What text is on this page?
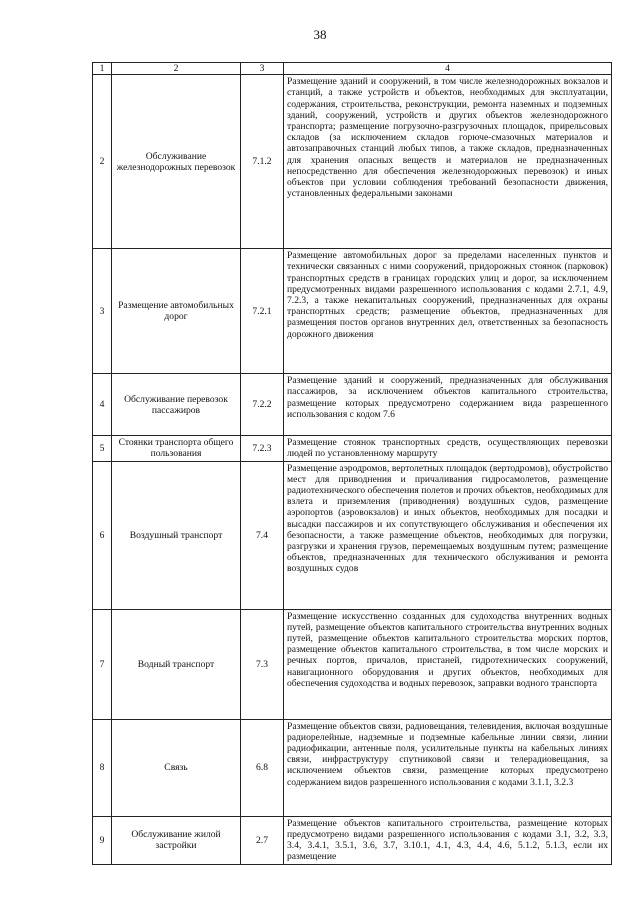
38
1	2	3	4
2	Обслуживание железнодорожных перевозок	7.1.2	Размещение зданий и сооружений, в том числе железнодорожных вокзалов и станций, а также устройств и объектов, необходимых для эксплуатации, содержания, строительства, реконструкции, ремонта наземных и подземных зданий, сооружений, устройств и других объектов железнодорожного транспорта; размещение погрузочно-разгрузочных площадок, прирельсовых складов (за исключением складов горюче-смазочных материалов и автозаправочных станций любых типов, а также складов, предназначенных для хранения опасных веществ и материалов не предназначенных непосредственно для обеспечения железнодорожных перевозок) и иных объектов при условии соблюдения требований безопасности движения, установленных федеральными законами
3	Размещение автомобильных дорог	7.2.1	Размещение автомобильных дорог за пределами населенных пунктов и технически связанных с ними сооружений, придорожных стоянок (парковок) транспортных средств в границах городских улиц и дорог, за исключением предусмотренных видами разрешенного использования с кодами 2.7.1, 4.9, 7.2.3, а также некапитальных сооружений, предназначенных для охраны транспортных средств; размещение объектов, предназначенных для размещения постов органов внутренних дел, ответственных за безопасность дорожного движения
4	Обслуживание перевозок пассажиров	7.2.2	Размещение зданий и сооружений, предназначенных для обслуживания пассажиров, за исключением объектов капитального строительства, размещение которых предусмотрено содержанием вида разрешенного использования с кодом 7.6
5	Стоянки транспорта общего пользования	7.2.3	Размещение стоянок транспортных средств, осуществляющих перевозки людей по установленному маршруту
6	Воздушный транспорт	7.4	Размещение аэродромов, вертолетных площадок (вертодромов), обустройство мест для приводнения и причаливания гидросамолетов, размещение радиотехнического обеспечения полетов и прочих объектов, необходимых для взлета и приземления (приводнения) воздушных судов, размещение аэропортов (аэровокзалов) и иных объектов, необходимых для посадки и высадки пассажиров и их сопутствующего обслуживания и обеспечения их безопасности, а также размещение объектов, необходимых для погрузки, разгрузки и хранения грузов, перемещаемых воздушным путем; размещение объектов, предназначенных для технического обслуживания и ремонта воздушных судов
7	Водный транспорт	7.3	Размещение искусственно созданных для судоходства внутренних водных путей, размещение объектов капитального строительства внутренних водных путей, размещение объектов капитального строительства морских портов, размещение объектов капитального строительства, в том числе морских и речных портов, причалов, пристаней, гидротехнических сооружений, навигационного оборудования и других объектов, необходимых для обеспечения судоходства и водных перевозок, заправки водного транспорта
8	Связь	6.8	Размещение объектов связи, радиовещания, телевидения, включая воздушные радиорелейные, надземные и подземные кабельные линии связи, линии радиофикации, антенные поля, усилительные пункты на кабельных линиях связи, инфраструктуру спутниковой связи и телерадиовещания, за исключением объектов связи, размещение которых предусмотрено содержанием видов разрешенного использования с кодами 3.1.1, 3.2.3
9	Обслуживание жилой застройки	2.7	Размещение объектов капитального строительства, размещение которых предусмотрено видами разрешенного использования с кодами 3.1, 3.2, 3.3, 3.4, 3.4.1, 3.5.1, 3.6, 3.7, 3.10.1, 4.1, 4.3, 4.4, 4.6, 5.1.2, 5.1.3, если их размещение
